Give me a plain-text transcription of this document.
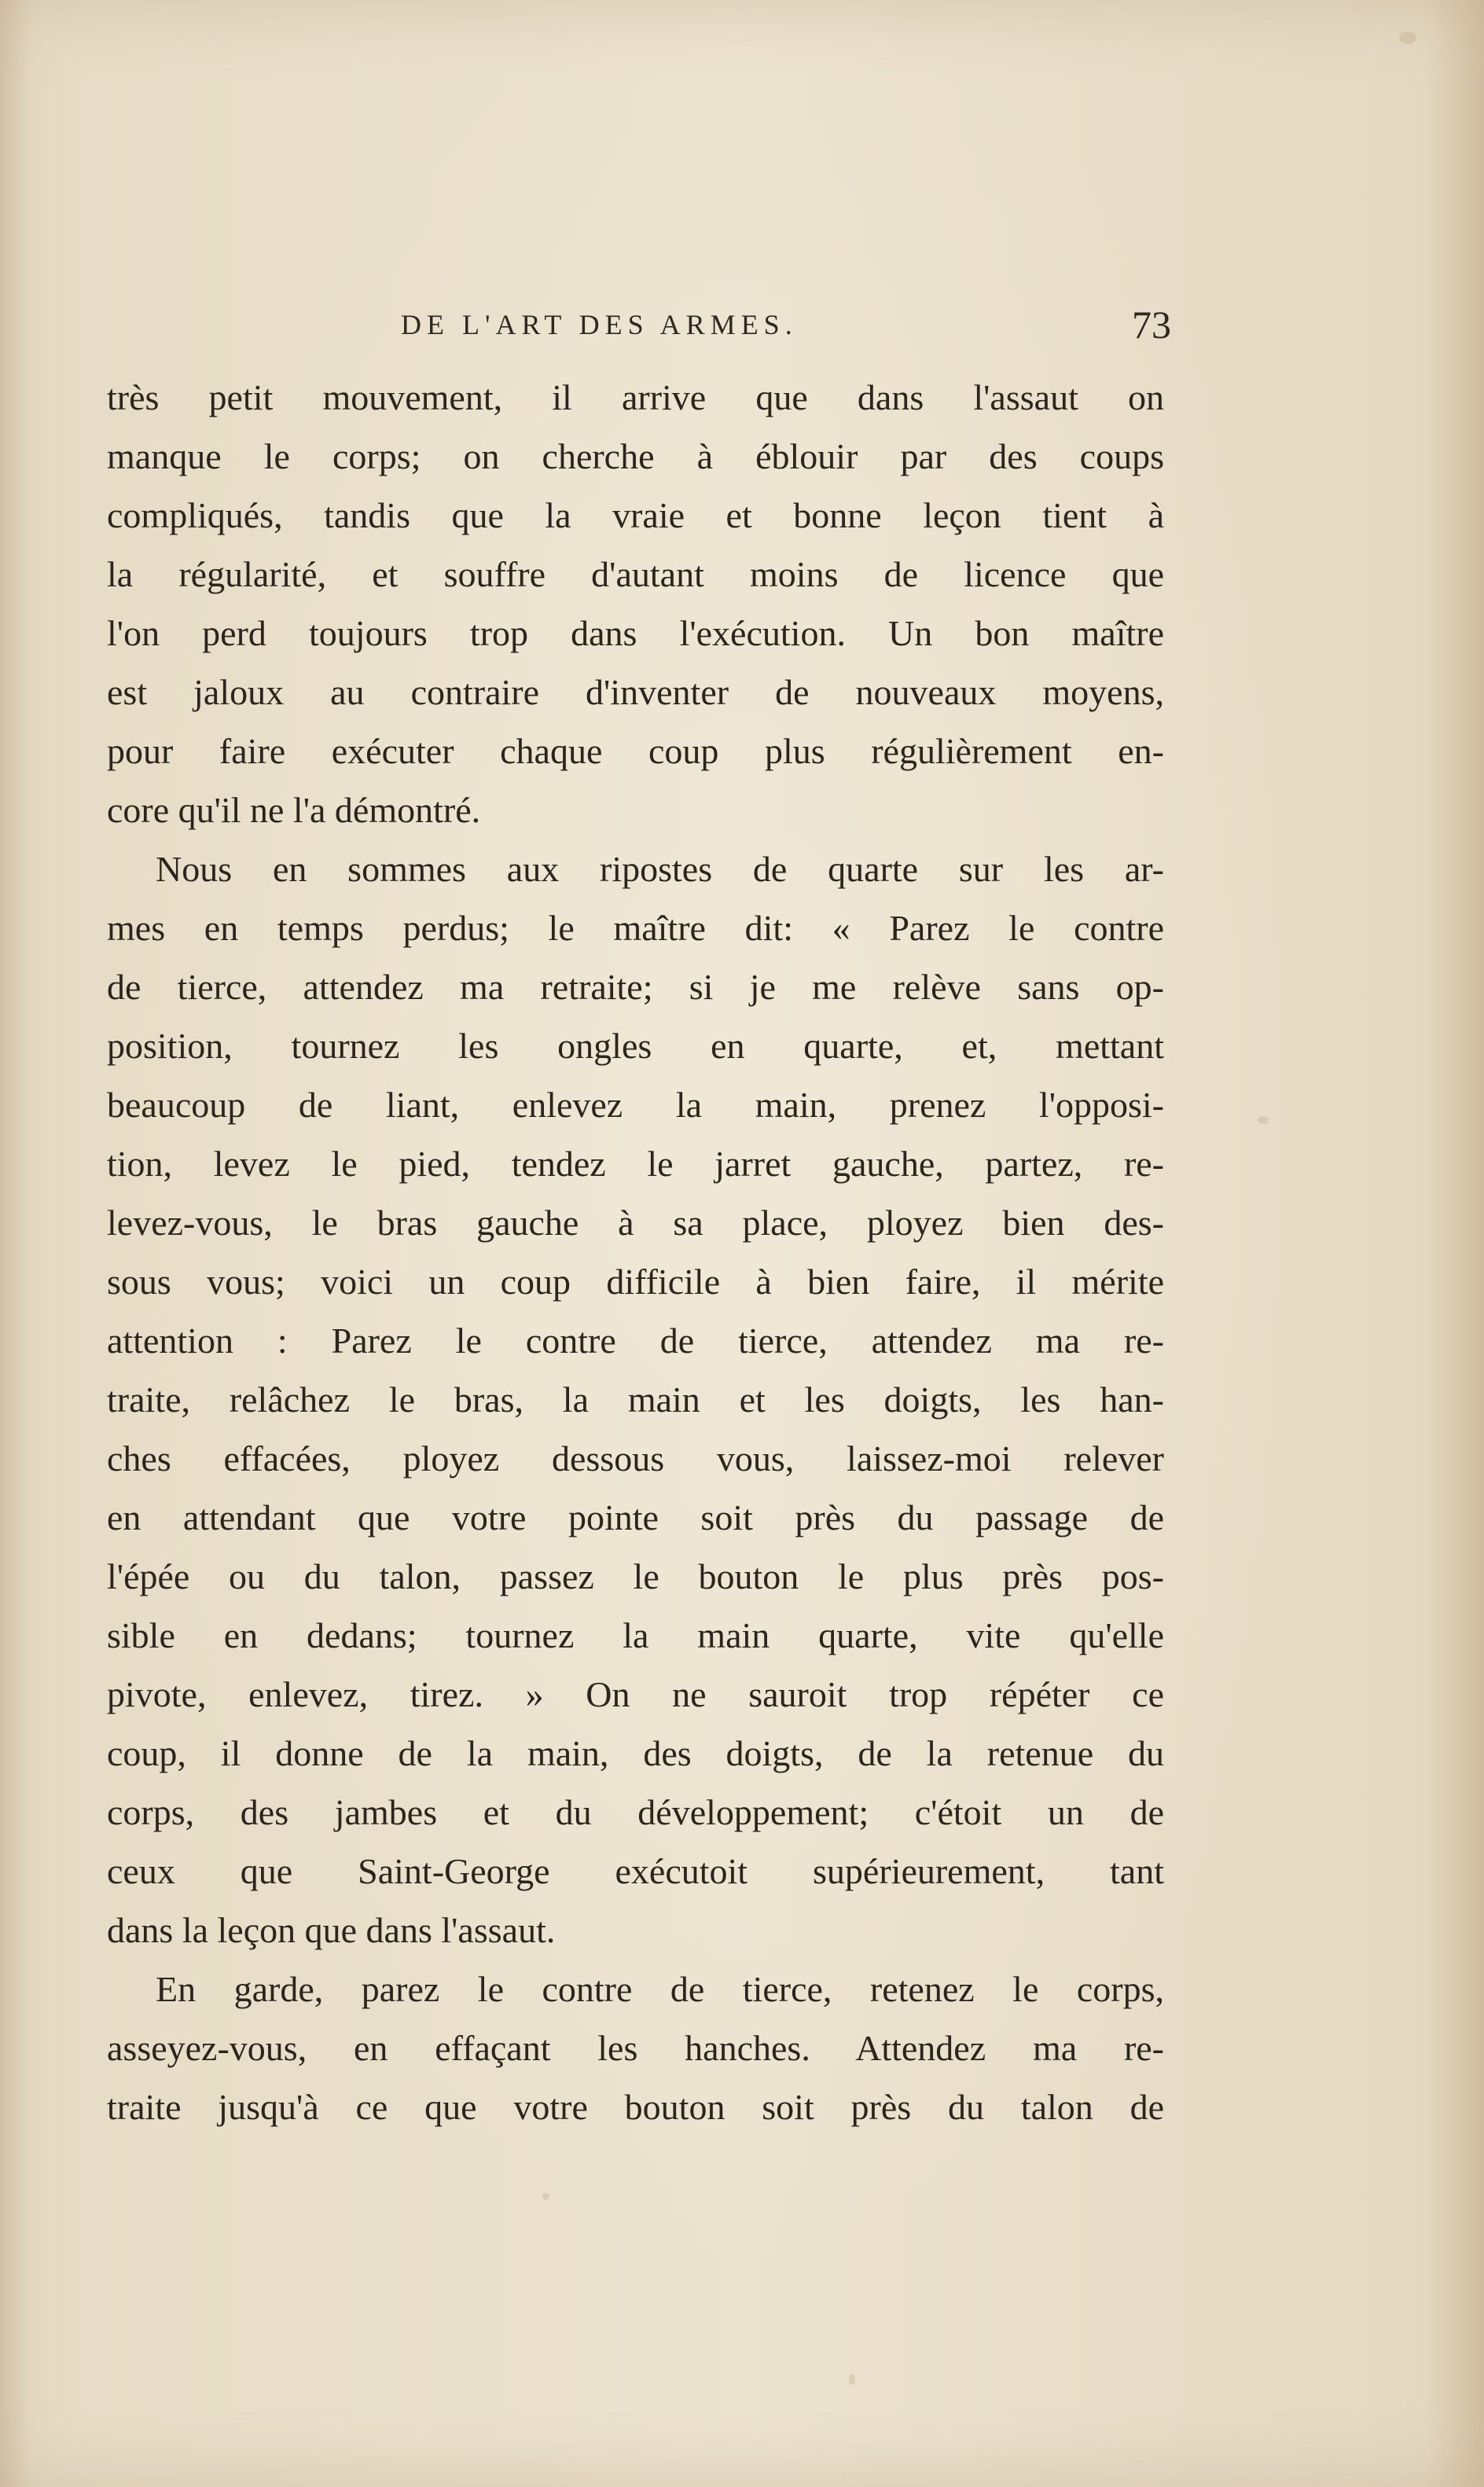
DE L'ART DES ARMES.	73
très petit mouvement, il arrive que dans l'assaut on
manque le corps; on cherche à éblouir par des coups
compliqués, tandis que la vraie et bonne leçon tient à
la régularité, et souffre d'autant moins de licence que
l'on perd toujours trop dans l'exécution. Un bon maître
est jaloux au contraire d'inventer de nouveaux moyens,
pour faire exécuter chaque coup plus régulièrement en-
core qu'il ne l'a démontré.
Nous en sommes aux ripostes de quarte sur les ar-
mes en temps perdus; le maître dit: « Parez le contre
de tierce, attendez ma retraite; si je me relève sans op-
position, tournez les ongles en quarte, et, mettant
beaucoup de liant, enlevez la main, prenez l'opposi-
tion, levez le pied, tendez le jarret gauche, partez, re-
levez-vous, le bras gauche à sa place, ployez bien des-
sous vous; voici un coup difficile à bien faire, il mérite
attention : Parez le contre de tierce, attendez ma re-
traite, relâchez le bras, la main et les doigts, les han-
ches effacées, ployez dessous vous, laissez-moi relever
en attendant que votre pointe soit près du passage de
l'épée ou du talon, passez le bouton le plus près pos-
sible en dedans; tournez la main quarte, vite qu'elle
pivote, enlevez, tirez. » On ne sauroit trop répéter ce
coup, il donne de la main, des doigts, de la retenue du
corps, des jambes et du développement; c'étoit un de
ceux que Saint-George exécutoit supérieurement, tant
dans la leçon que dans l'assaut.
En garde, parez le contre de tierce, retenez le corps,
asseyez-vous, en effaçant les hanches. Attendez ma re-
traite jusqu'à ce que votre bouton soit près du talon de
